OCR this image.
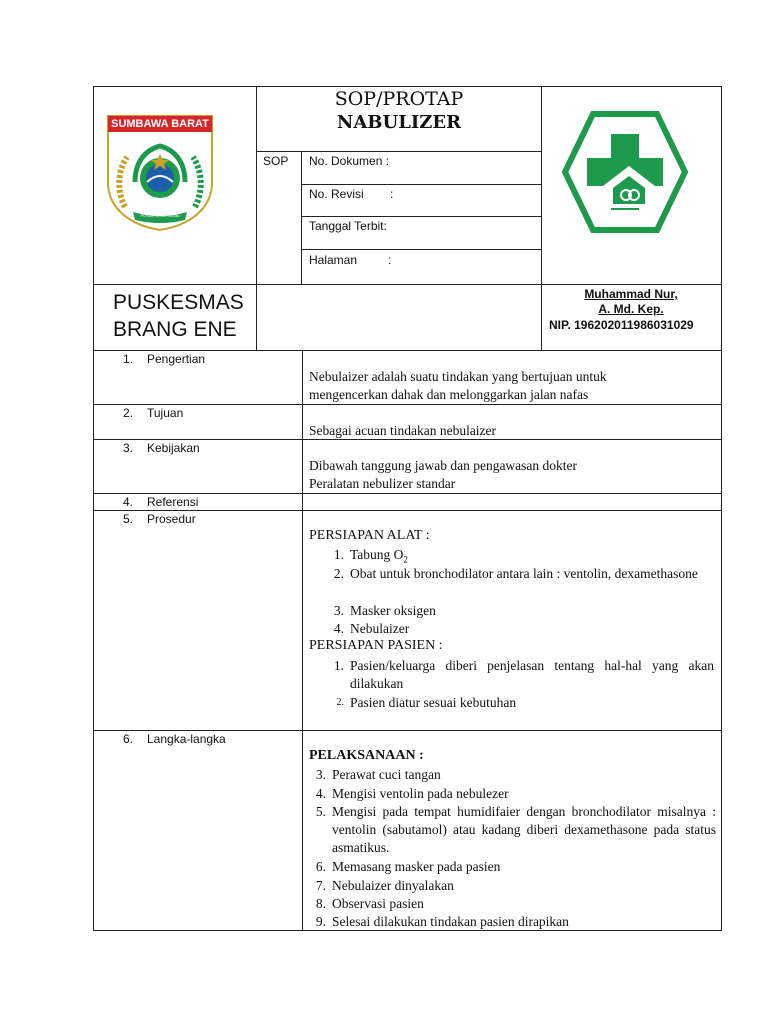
SUMBAWA BARAT
PUSUK LEMA SAMBI
SOP/PROTAP
NABULIZER
SOP No. Dokumen :
No. Revisi :
Tanggal Terbit:
Halaman	:
PUSKESMAS
BRANG ENE
Muhammad Nur,
A. Md. Kep.
NIP. 196202011986031029
1. Pengertian
Nebulaizer adalah suatu tindakan yang bertujuan untuk
mengencerkan dahak dan melonggarkan jalan nafas
2. Tujuan
Sebagai acuan tindakan nebulaizer
3. Kebijakan
Dibawah tanggung jawab dan pengawasan dokter
Peralatan nebulizer standar
4. Referensi
5. Prosedur
PERSIAPAN ALAT :
1. Tabung $O_2$
2. Obat untuk bronchodilator antara lain : ventolin, dexamethasone
3. Masker oksigen
4. Nebulaizer
PERSIAPAN PASIEN :
1. Pasien/keluarga diberi penjelasan tentang hal-hal yang akan dilakukan
2. Pasien diatur sesuai kebutuhan
6. Langka-langka
PELAKSANAAN :
3. Perawat cuci tangan
4. Mengisi ventolin pada nebulezer
5. Mengisi pada tempat humidifaier dengan bronchodilator misalnya : ventolin (sabutamol) atau kadang diberi dexamethasone pada status asmatikus.
6. Memasang masker pada pasien
7. Nebulaizer dinyalakan
8. Observasi pasien
9. Selesai dilakukan tindakan pasien dirapikan
